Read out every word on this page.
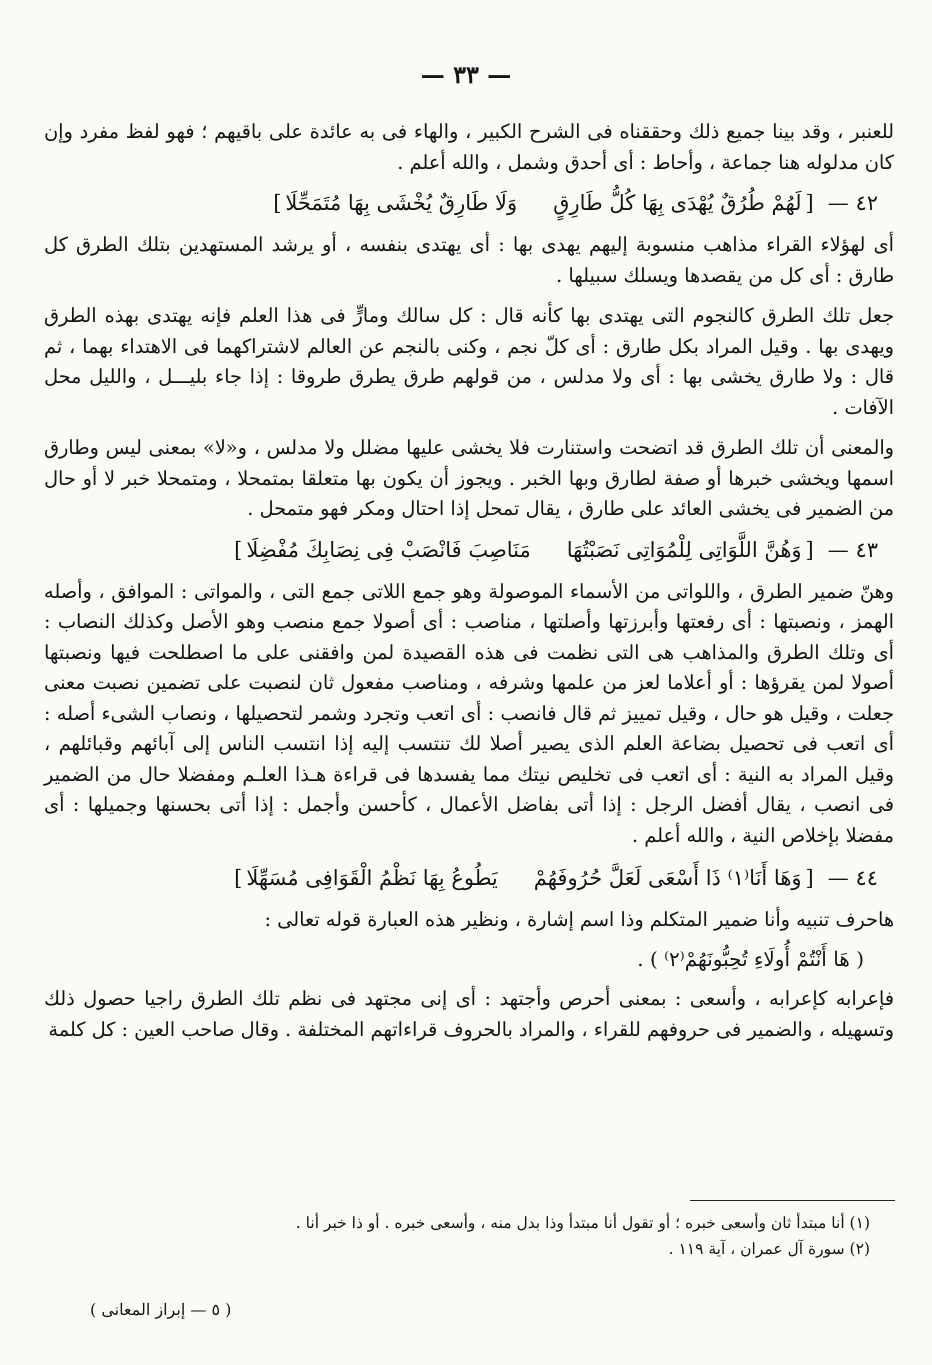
— ٣٣ —

للعنبر ، وقد بينا جميع ذلك وحققناه فى الشرح الكبير ، والهاء فى به عائدة على باقيهم ؛ فهو لفظ مفرد وإن كان مدلوله هنا جماعة ، وأحاط : أى أحدق وشمل ، والله أعلم .

٤٢ —
[
لَهُمْ طُرُقٌ يُهْدَى بِهَا كُلُّ طَارِقٍ
وَلَا طَارِقٌ يُخْشَى بِهَا مُتَمَحِّلَا
]

أى لهؤلاء القراء مذاهب منسوبة إليهم يهدى بها : أى يهتدى بنفسه ، أو يرشد المستهدين بتلك الطرق كل طارق : أى كل من يقصدها ويسلك سبيلها .

جعل تلك الطرق كالنجوم التى يهتدى بها كأنه قال : كل سالك ومارٍّ فى هذا العلم فإنه يهتدى بهذه الطرق ويهدى بها . وقيل المراد بكل طارق : أى كلّ نجم ، وكنى بالنجم عن العالم لاشتراكهما فى الاهتداء بهما ، ثم قال : ولا طارق يخشى بها : أى ولا مدلس ، من قولهم طرق يطرق طروقا : إذا جاء بليـــل ، والليل محل الآفات .

والمعنى أن تلك الطرق قد اتضحت واستنارت فلا يخشى عليها مضلل ولا مدلس ، و«لا» بمعنى ليس وطارق اسمها ويخشى خبرها أو صفة لطارق وبها الخبر . ويجوز أن يكون بها متعلقا بمتمحلا ، ومتمحلا خبر لا أو حال من الضمير فى يخشى العائد على طارق ، يقال تمحل إذا احتال ومكر فهو متمحل .

٤٣ —
[
وَهُنَّ اللَّوَاتِى لِلْمُوَاتِى نَصَبْتُهَا
مَنَاصِبَ فَانْصَبْ فِى نِصَابِكَ مُفْضِلَا
]

وهنّ ضمير الطرق ، واللواتى من الأسماء الموصولة وهو جمع اللاتى جمع التى ، والمواتى : الموافق ، وأصله الهمز ، ونصبتها : أى رفعتها وأبرزتها وأصلتها ، مناصب : أى أصولا جمع منصب وهو الأصل وكذلك النصاب : أى وتلك الطرق والمذاهب هى التى نظمت فى هذه القصيدة لمن وافقنى على ما اصطلحت فيها ونصبتها أصولا لمن يقرؤها : أو أعلاما لعز من علمها وشرفه ، ومناصب مفعول ثان لنصبت على تضمين نصبت معنى جعلت ، وقيل هو حال ، وقيل تمييز ثم قال فانصب : أى اتعب وتجرد وشمر لتحصيلها ، ونصاب الشىء أصله : أى اتعب فى تحصيل بضاعة العلم الذى يصير أصلا لك تنتسب إليه إذا انتسب الناس إلى آبائهم وقبائلهم ، وقيل المراد به النية : أى اتعب فى تخليص نيتك مما يفسدها فى قراءة هـذا العلـم ومفضلا حال من الضمير فى انصب ، يقال أفضل الرجل : إذا أتى بفاضل الأعمال ، كأحسن وأجمل : إذا أتى بحسنها وجميلها : أى مفضلا بإخلاص النية ، والله أعلم .

٤٤ —
[
وَهَا أَنَا⁽١⁾ ذَا أَسْعَى لَعَلَّ حُرُوفَهُمْ
يَطُوعُ بِهَا نَظْمُ الْقَوَافِى مُسَهِّلَا
]

هاحرف تنبيه وأنا ضمير المتكلم وذا اسم إشارة ، ونظير هذه العبارة قوله تعالى :

( هَا أَنْتُمْ أُولَاءِ تُحِبُّونَهُمْ⁽٢⁾ ) .

فإعرابه كإعرابه ، وأسعى : بمعنى أحرص وأجتهد : أى إنى مجتهد فى نظم تلك الطرق راجيا حصول ذلك وتسهيله ، والضمير فى حروفهم للقراء ، والمراد بالحروف قراءاتهم المختلفة . وقال صاحب العين : كل كلمة

(١) أنا مبتدأ ثان وأسعى خبره ؛ أو تقول أنا مبتدأ وذا بدل منه ، وأسعى خبره . أو ذا خبر أنا .
(٢) سورة آل عمران ، آية ١١٩ .
( ٥ — إبراز المعانى )
